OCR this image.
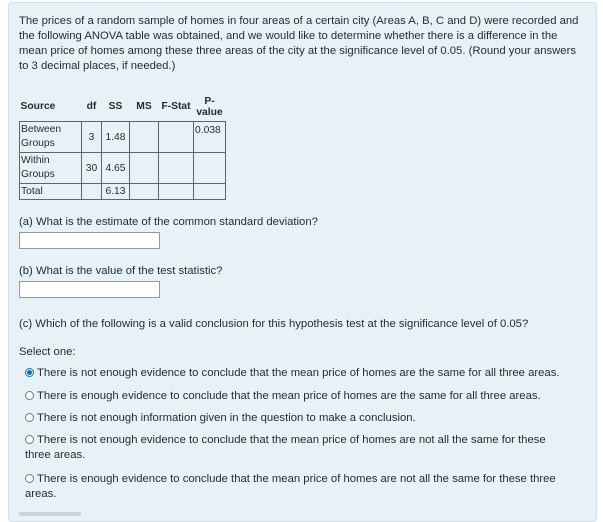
The prices of a random sample of homes in four areas of a certain city (Areas A, B, C and D) were recorded and the following ANOVA table was obtained, and we would like to determine whether there is a difference in the mean price of homes among these three areas of the city at the significance level of 0.05. (Round your answers to 3 decimal places, if needed.)
Source	df	SS	MS	F-Stat	P-
value
Between
Groups	3	1.48			0.038
Within
Groups	30	4.65			
Total		6.13			
(a) What is the estimate of the common standard deviation?
(b) What is the value of the test statistic?
(c) Which of the following is a valid conclusion for this hypothesis test at the significance level of 0.05?
Select one:
There is not enough evidence to conclude that the mean price of homes are the same for all three areas.
There is enough evidence to conclude that the mean price of homes are the same for all three areas.
There is not enough information given in the question to make a conclusion.
There is not enough evidence to conclude that the mean price of homes are not all the same for these three areas.
There is enough evidence to conclude that the mean price of homes are not all the same for these three areas.
